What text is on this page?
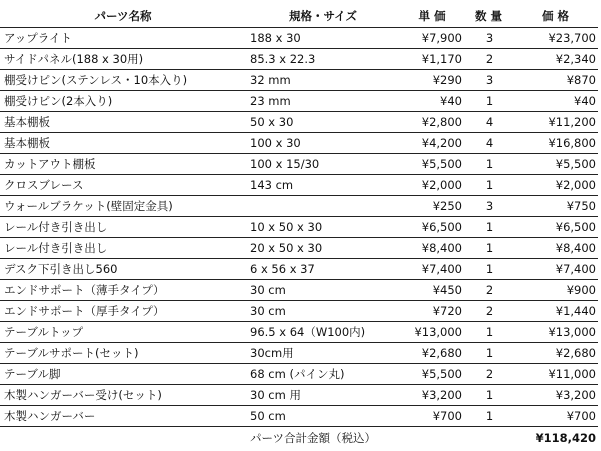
パーツ名称	規格・サイズ	単 価	数 量	価 格
アップライト	188 x 30	¥7,900	3	¥23,700
サイドパネル(188 x 30用)	85.3 x 22.3	¥1,170	2	¥2,340
棚受けピン(ステンレス・10本入り)	32 mm	¥290	3	¥870
棚受けピン(2本入り)	23 mm	¥40	1	¥40
基本棚板	50 x 30	¥2,800	4	¥11,200
基本棚板	100 x 30	¥4,200	4	¥16,800
カットアウト棚板	100 x 15/30	¥5,500	1	¥5,500
クロスブレース	143 cm	¥2,000	1	¥2,000
ウォールブラケット(壁固定金具)		¥250	3	¥750
レール付き引き出し	10 x 50 x 30	¥6,500	1	¥6,500
レール付き引き出し	20 x 50 x 30	¥8,400	1	¥8,400
デスク下引き出し560	6 x 56 x 37	¥7,400	1	¥7,400
エンドサポート（薄手タイプ）	30 cm	¥450	2	¥900
エンドサポート（厚手タイプ）	30 cm	¥720	2	¥1,440
テーブルトップ	96.5 x 64（W100内)	¥13,000	1	¥13,000
テーブルサポート(セット)	30cm用	¥2,680	1	¥2,680
テーブル脚	68 cm (パイン丸)	¥5,500	2	¥11,000
木製ハンガーバー受け(セット)	30 cm 用	¥3,200	1	¥3,200
木製ハンガーバー	50 cm	¥700	1	¥700
	パーツ合計金額（税込）			¥118,420
